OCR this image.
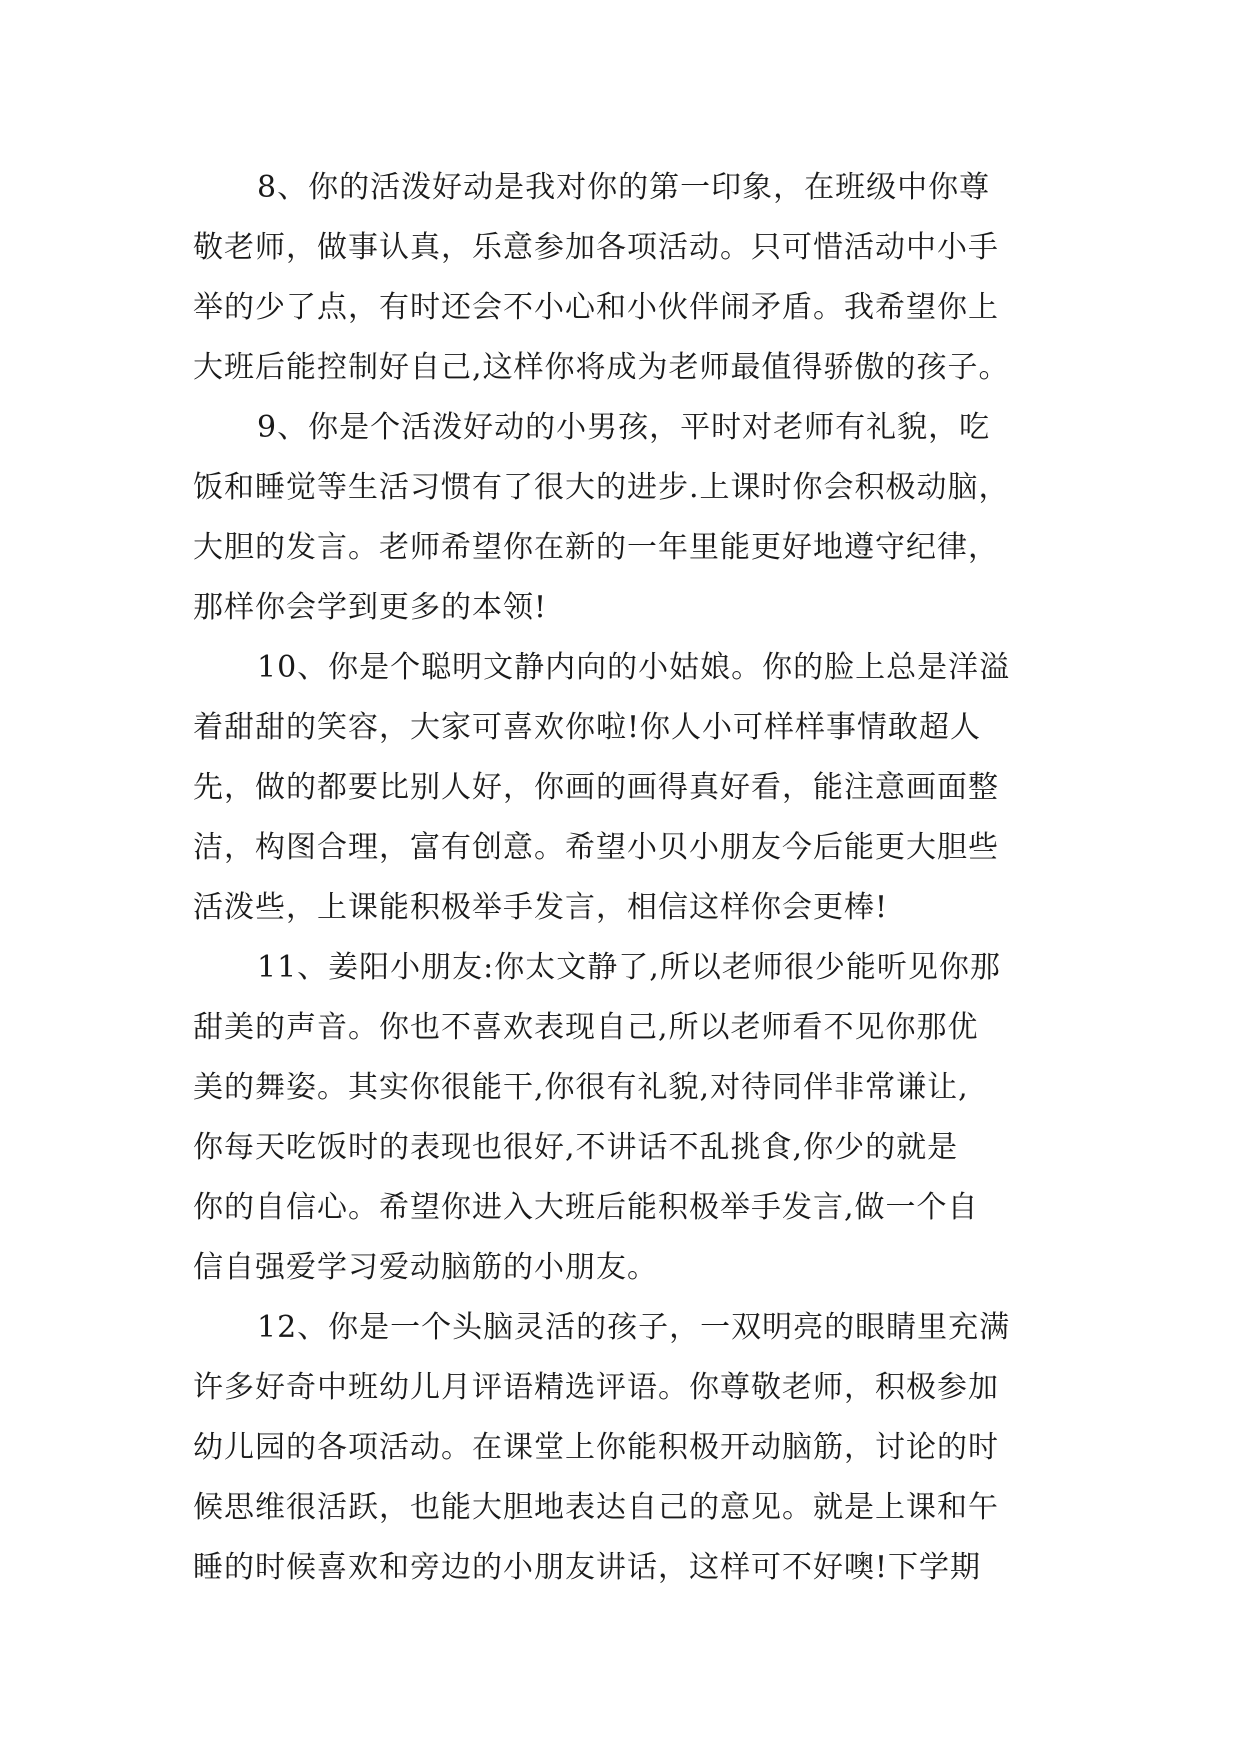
8、你的活泼好动是我对你的第一印象，在班级中你尊
敬老师，做事认真，乐意参加各项活动。只可惜活动中小手
举的少了点，有时还会不小心和小伙伴闹矛盾。我希望你上
大班后能控制好自己,这样你将成为老师最值得骄傲的孩子。
9、你是个活泼好动的小男孩，平时对老师有礼貌，吃
饭和睡觉等生活习惯有了很大的进步.上课时你会积极动脑，
大胆的发言。老师希望你在新的一年里能更好地遵守纪律，
那样你会学到更多的本领!
10、你是个聪明文静内向的小姑娘。你的脸上总是洋溢
着甜甜的笑容，大家可喜欢你啦!你人小可样样事情敢超人
先，做的都要比别人好，你画的画得真好看，能注意画面整
洁，构图合理，富有创意。希望小贝小朋友今后能更大胆些
活泼些，上课能积极举手发言，相信这样你会更棒!
11、姜阳小朋友:你太文静了,所以老师很少能听见你那
甜美的声音。你也不喜欢表现自己,所以老师看不见你那优
美的舞姿。其实你很能干,你很有礼貌,对待同伴非常谦让,
你每天吃饭时的表现也很好,不讲话不乱挑食,你少的就是
你的自信心。希望你进入大班后能积极举手发言,做一个自
信自强爱学习爱动脑筋的小朋友。
12、你是一个头脑灵活的孩子，一双明亮的眼睛里充满
许多好奇中班幼儿月评语精选评语。你尊敬老师，积极参加
幼儿园的各项活动。在课堂上你能积极开动脑筋，讨论的时
候思维很活跃，也能大胆地表达自己的意见。就是上课和午
睡的时候喜欢和旁边的小朋友讲话，这样可不好噢!下学期
